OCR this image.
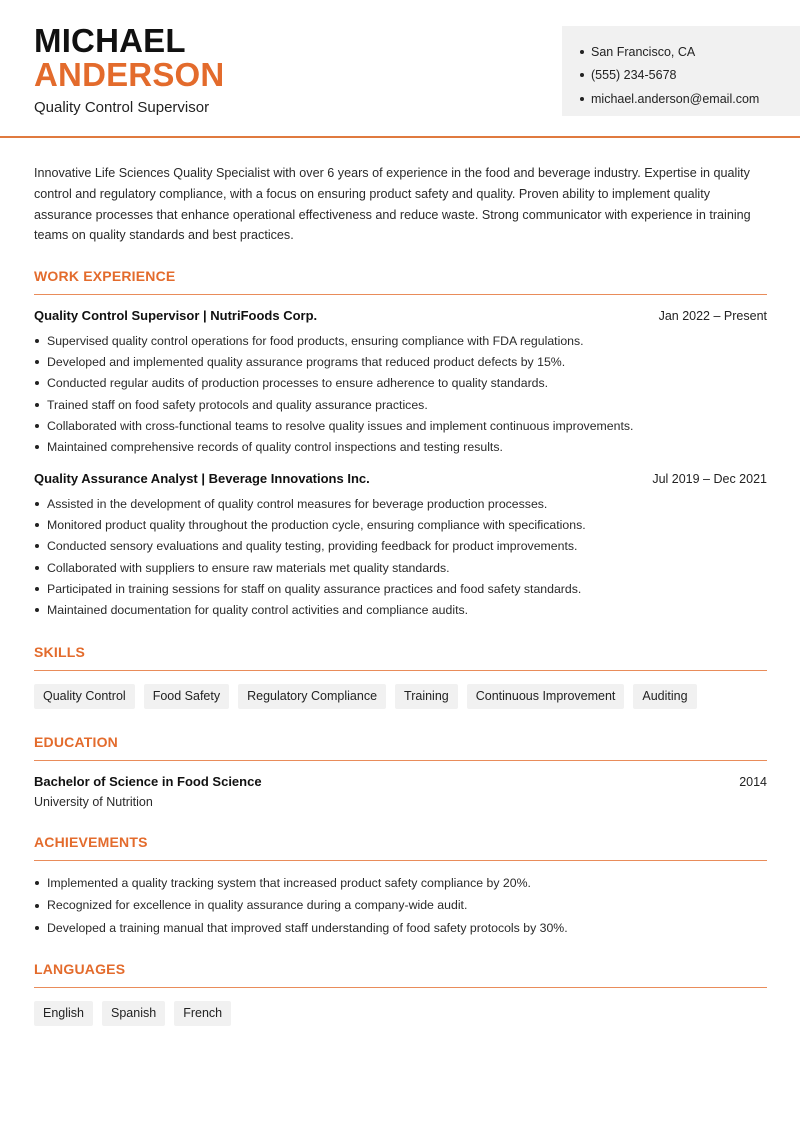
MICHAEL
ANDERSON
Quality Control Supervisor
San Francisco, CA
(555) 234-5678
michael.anderson@email.com

Innovative Life Sciences Quality Specialist with over 6 years of experience in the food and beverage industry. Expertise in quality control and regulatory compliance, with a focus on ensuring product safety and quality. Proven ability to implement quality assurance processes that enhance operational effectiveness and reduce waste. Strong communicator with experience in training teams on quality standards and best practices.

WORK EXPERIENCE
Quality Control Supervisor | NutriFoods Corp.	Jan 2022 – Present
Supervised quality control operations for food products, ensuring compliance with FDA regulations.
Developed and implemented quality assurance programs that reduced product defects by 15%.
Conducted regular audits of production processes to ensure adherence to quality standards.
Trained staff on food safety protocols and quality assurance practices.
Collaborated with cross-functional teams to resolve quality issues and implement continuous improvements.
Maintained comprehensive records of quality control inspections and testing results.
Quality Assurance Analyst | Beverage Innovations Inc.	Jul 2019 – Dec 2021
Assisted in the development of quality control measures for beverage production processes.
Monitored product quality throughout the production cycle, ensuring compliance with specifications.
Conducted sensory evaluations and quality testing, providing feedback for product improvements.
Collaborated with suppliers to ensure raw materials met quality standards.
Participated in training sessions for staff on quality assurance practices and food safety standards.
Maintained documentation for quality control activities and compliance audits.
SKILLS
Quality Control	Food Safety	Regulatory Compliance	Training	Continuous Improvement	Auditing
EDUCATION
Bachelor of Science in Food Science	2014
University of Nutrition
ACHIEVEMENTS
Implemented a quality tracking system that increased product safety compliance by 20%.
Recognized for excellence in quality assurance during a company-wide audit.
Developed a training manual that improved staff understanding of food safety protocols by 30%.
LANGUAGES
English	Spanish	French
